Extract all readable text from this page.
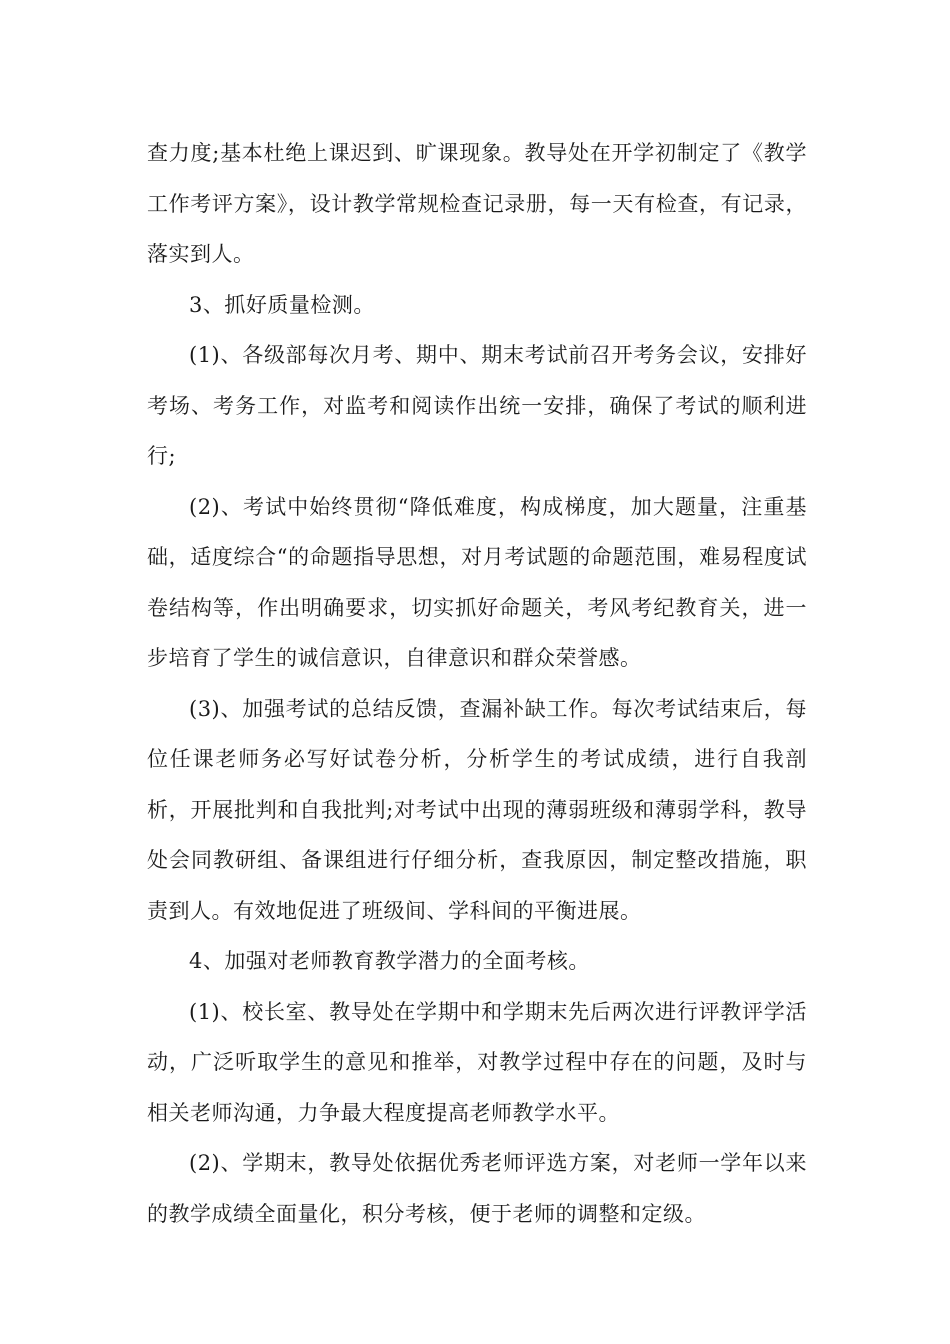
查力度;基本杜绝上课迟到、旷课现象。教导处在开学初制定了《教学工作考评方案》，设计教学常规检查记录册，每一天有检查，有记录，落实到人。

3、抓好质量检测。

(1)、各级部每次月考、期中、期末考试前召开考务会议，安排好考场、考务工作，对监考和阅读作出统一安排，确保了考试的顺利进行;

(2)、考试中始终贯彻“降低难度，构成梯度，加大题量，注重基础，适度综合“的命题指导思想，对月考试题的命题范围，难易程度试卷结构等，作出明确要求，切实抓好命题关，考风考纪教育关，进一步培育了学生的诚信意识，自律意识和群众荣誉感。

(3)、加强考试的总结反馈，查漏补缺工作。每次考试结束后，每位任课老师务必写好试卷分析，分析学生的考试成绩，进行自我剖析，开展批判和自我批判;对考试中出现的薄弱班级和薄弱学科，教导处会同教研组、备课组进行仔细分析，查我原因，制定整改措施，职责到人。有效地促进了班级间、学科间的平衡进展。

4、加强对老师教育教学潜力的全面考核。

(1)、校长室、教导处在学期中和学期末先后两次进行评教评学活动，广泛听取学生的意见和推举，对教学过程中存在的问题，及时与相关老师沟通，力争最大程度提高老师教学水平。

(2)、学期末，教导处依据优秀老师评选方案，对老师一学年以来的教学成绩全面量化，积分考核，便于老师的调整和定级。
